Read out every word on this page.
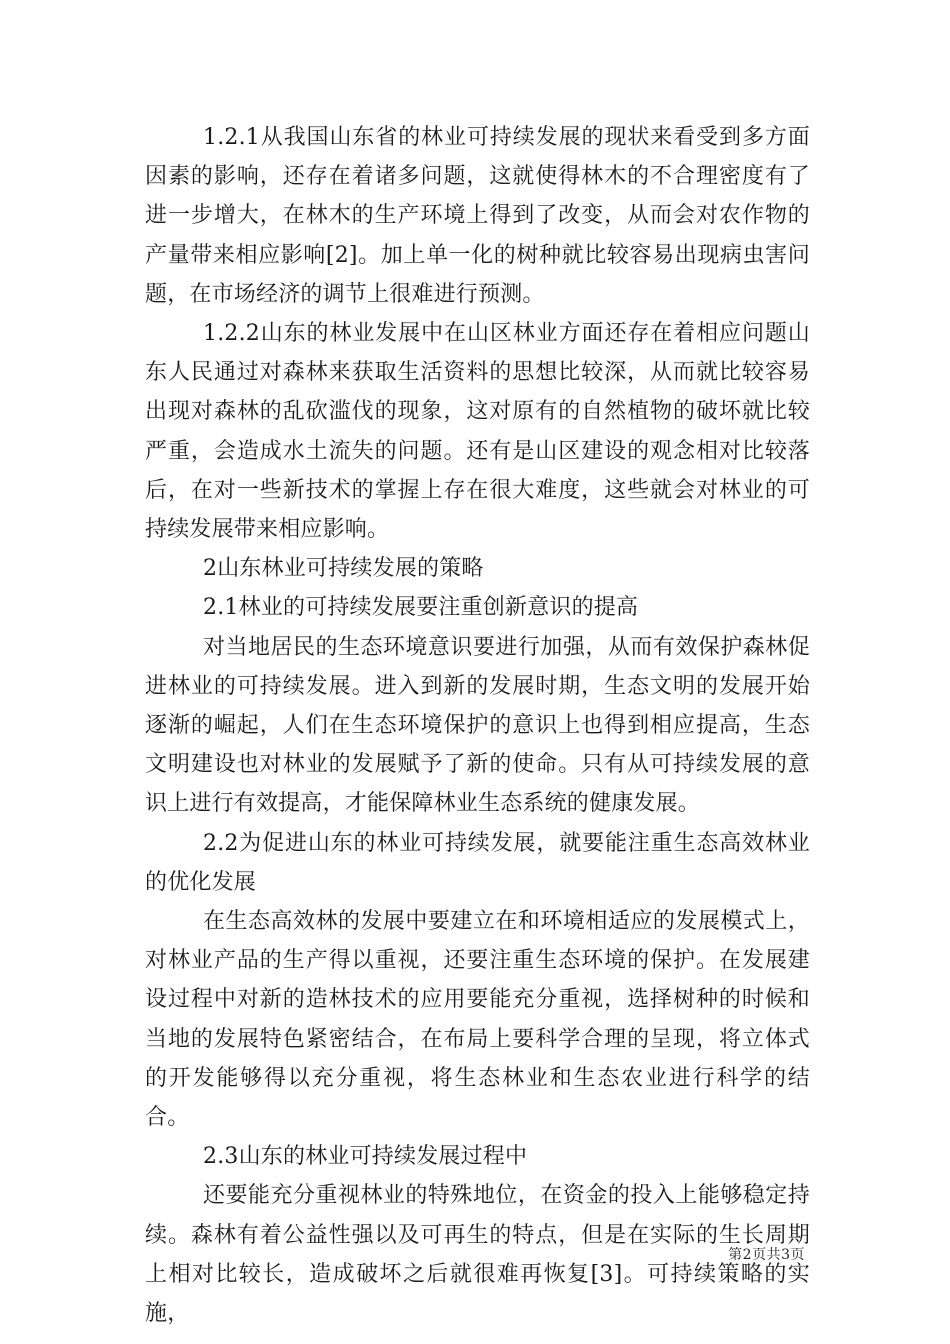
1.2.1从我国山东省的林业可持续发展的现状来看受到多方面因素的影响，还存在着诸多问题，这就使得林木的不合理密度有了进一步增大，在林木的生产环境上得到了改变，从而会对农作物的产量带来相应影响[2]。加上单一化的树种就比较容易出现病虫害问题，在市场经济的调节上很难进行预测。

1.2.2山东的林业发展中在山区林业方面还存在着相应问题山东人民通过对森林来获取生活资料的思想比较深，从而就比较容易出现对森林的乱砍滥伐的现象，这对原有的自然植物的破坏就比较严重，会造成水土流失的问题。还有是山区建设的观念相对比较落后，在对一些新技术的掌握上存在很大难度，这些就会对林业的可持续发展带来相应影响。

2山东林业可持续发展的策略

2.1林业的可持续发展要注重创新意识的提高

对当地居民的生态环境意识要进行加强，从而有效保护森林促进林业的可持续发展。进入到新的发展时期，生态文明的发展开始逐渐的崛起，人们在生态环境保护的意识上也得到相应提高，生态文明建设也对林业的发展赋予了新的使命。只有从可持续发展的意识上进行有效提高，才能保障林业生态系统的健康发展。

2.2为促进山东的林业可持续发展，就要能注重生态高效林业的优化发展

在生态高效林的发展中要建立在和环境相适应的发展模式上，对林业产品的生产得以重视，还要注重生态环境的保护。在发展建设过程中对新的造林技术的应用要能充分重视，选择树种的时候和当地的发展特色紧密结合，在布局上要科学合理的呈现，将立体式的开发能够得以充分重视，将生态林业和生态农业进行科学的结合。

2.3山东的林业可持续发展过程中

还要能充分重视林业的特殊地位，在资金的投入上能够稳定持续。森林有着公益性强以及可再生的特点，但是在实际的生长周期上相对比较长，造成破坏之后就很难再恢复[3]。可持续策略的实施，

第2页共3页
